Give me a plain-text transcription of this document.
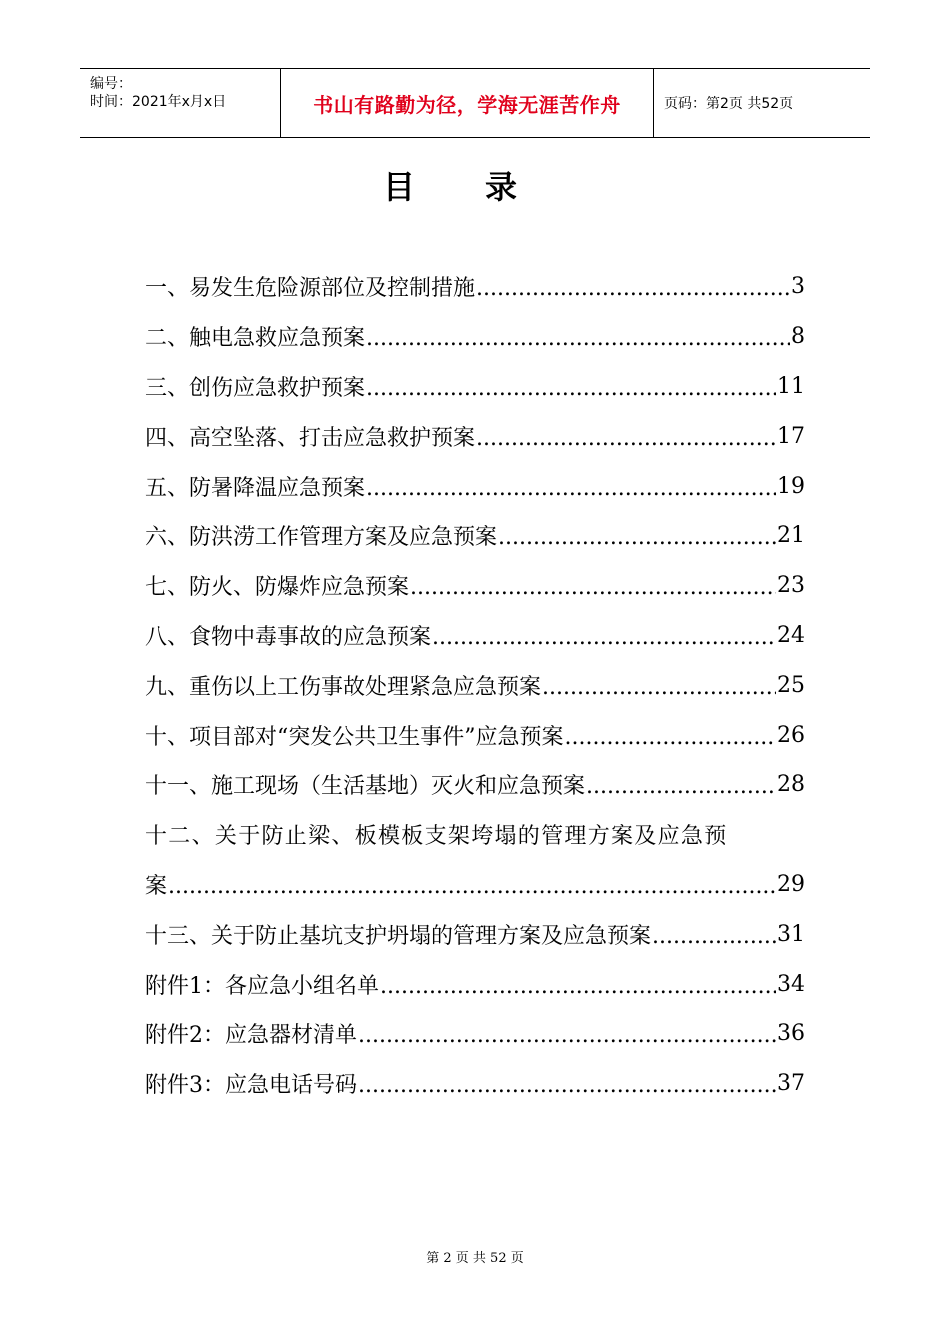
编号：
时间：2021年x月x日	书山有路勤为径，学海无涯苦作舟	页码：第2页 共52页
目录
一、易发生危险源部位及控制措施 .....	3
二、触电急救应急预案 .....	8
三、创伤应急救护预案 .....	11
四、高空坠落、打击应急救护预案 .....	17
五、防暑降温应急预案 .....	19
六、防洪涝工作管理方案及应急预案 .....	21
七、防火、防爆炸应急预案 .....	23
八、食物中毒事故的应急预案 .....	24
九、重伤以上工伤事故处理紧急应急预案 .....	25
十、项目部对“突发公共卫生事件”应急预案 .....	26
十一、施工现场（生活基地）灭火和应急预案 .....	28
十二、关于防止梁、板模板支架垮塌的管理方案及应急预
案 .....	29
十三、关于防止基坑支护坍塌的管理方案及应急预案 .....	31
附件1：各应急小组名单 .....	34
附件2：应急器材清单 .....	36
附件3：应急电话号码 .....	37
第 2 页 共 52 页
